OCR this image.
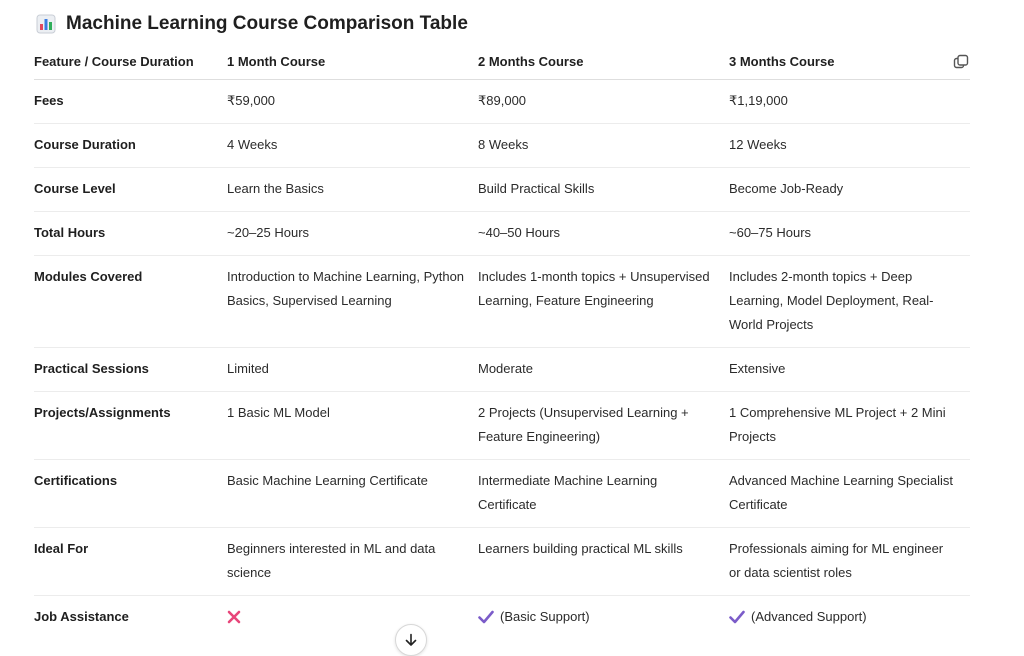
Machine Learning Course Comparison Table
Feature / Course Duration	1 Month Course	2 Months Course	3 Months Course

Fees	₹59,000	₹89,000	₹1,19,000
Course Duration	4 Weeks	8 Weeks	12 Weeks
Course Level	Learn the Basics	Build Practical Skills	Become Job-Ready
Total Hours	~20–25 Hours	~40–50 Hours	~60–75 Hours
Modules Covered	Introduction to Machine Learning, Python Basics, Supervised Learning	Includes 1-month topics + Unsupervised Learning, Feature Engineering	Includes 2-month topics + Deep Learning, Model Deployment, Real-World Projects
Practical Sessions	Limited	Moderate	Extensive
Projects/Assignments	1 Basic ML Model	2 Projects (Unsupervised Learning + Feature Engineering)	1 Comprehensive ML Project + 2 Mini Projects
Certifications	Basic Machine Learning Certificate	Intermediate Machine Learning Certificate	Advanced Machine Learning Specialist Certificate
Ideal For	Beginners interested in ML and data science	Learners building practical ML skills	Professionals aiming for ML engineer or data scientist roles
Job Assistance		(Basic Support)	(Advanced Support)
